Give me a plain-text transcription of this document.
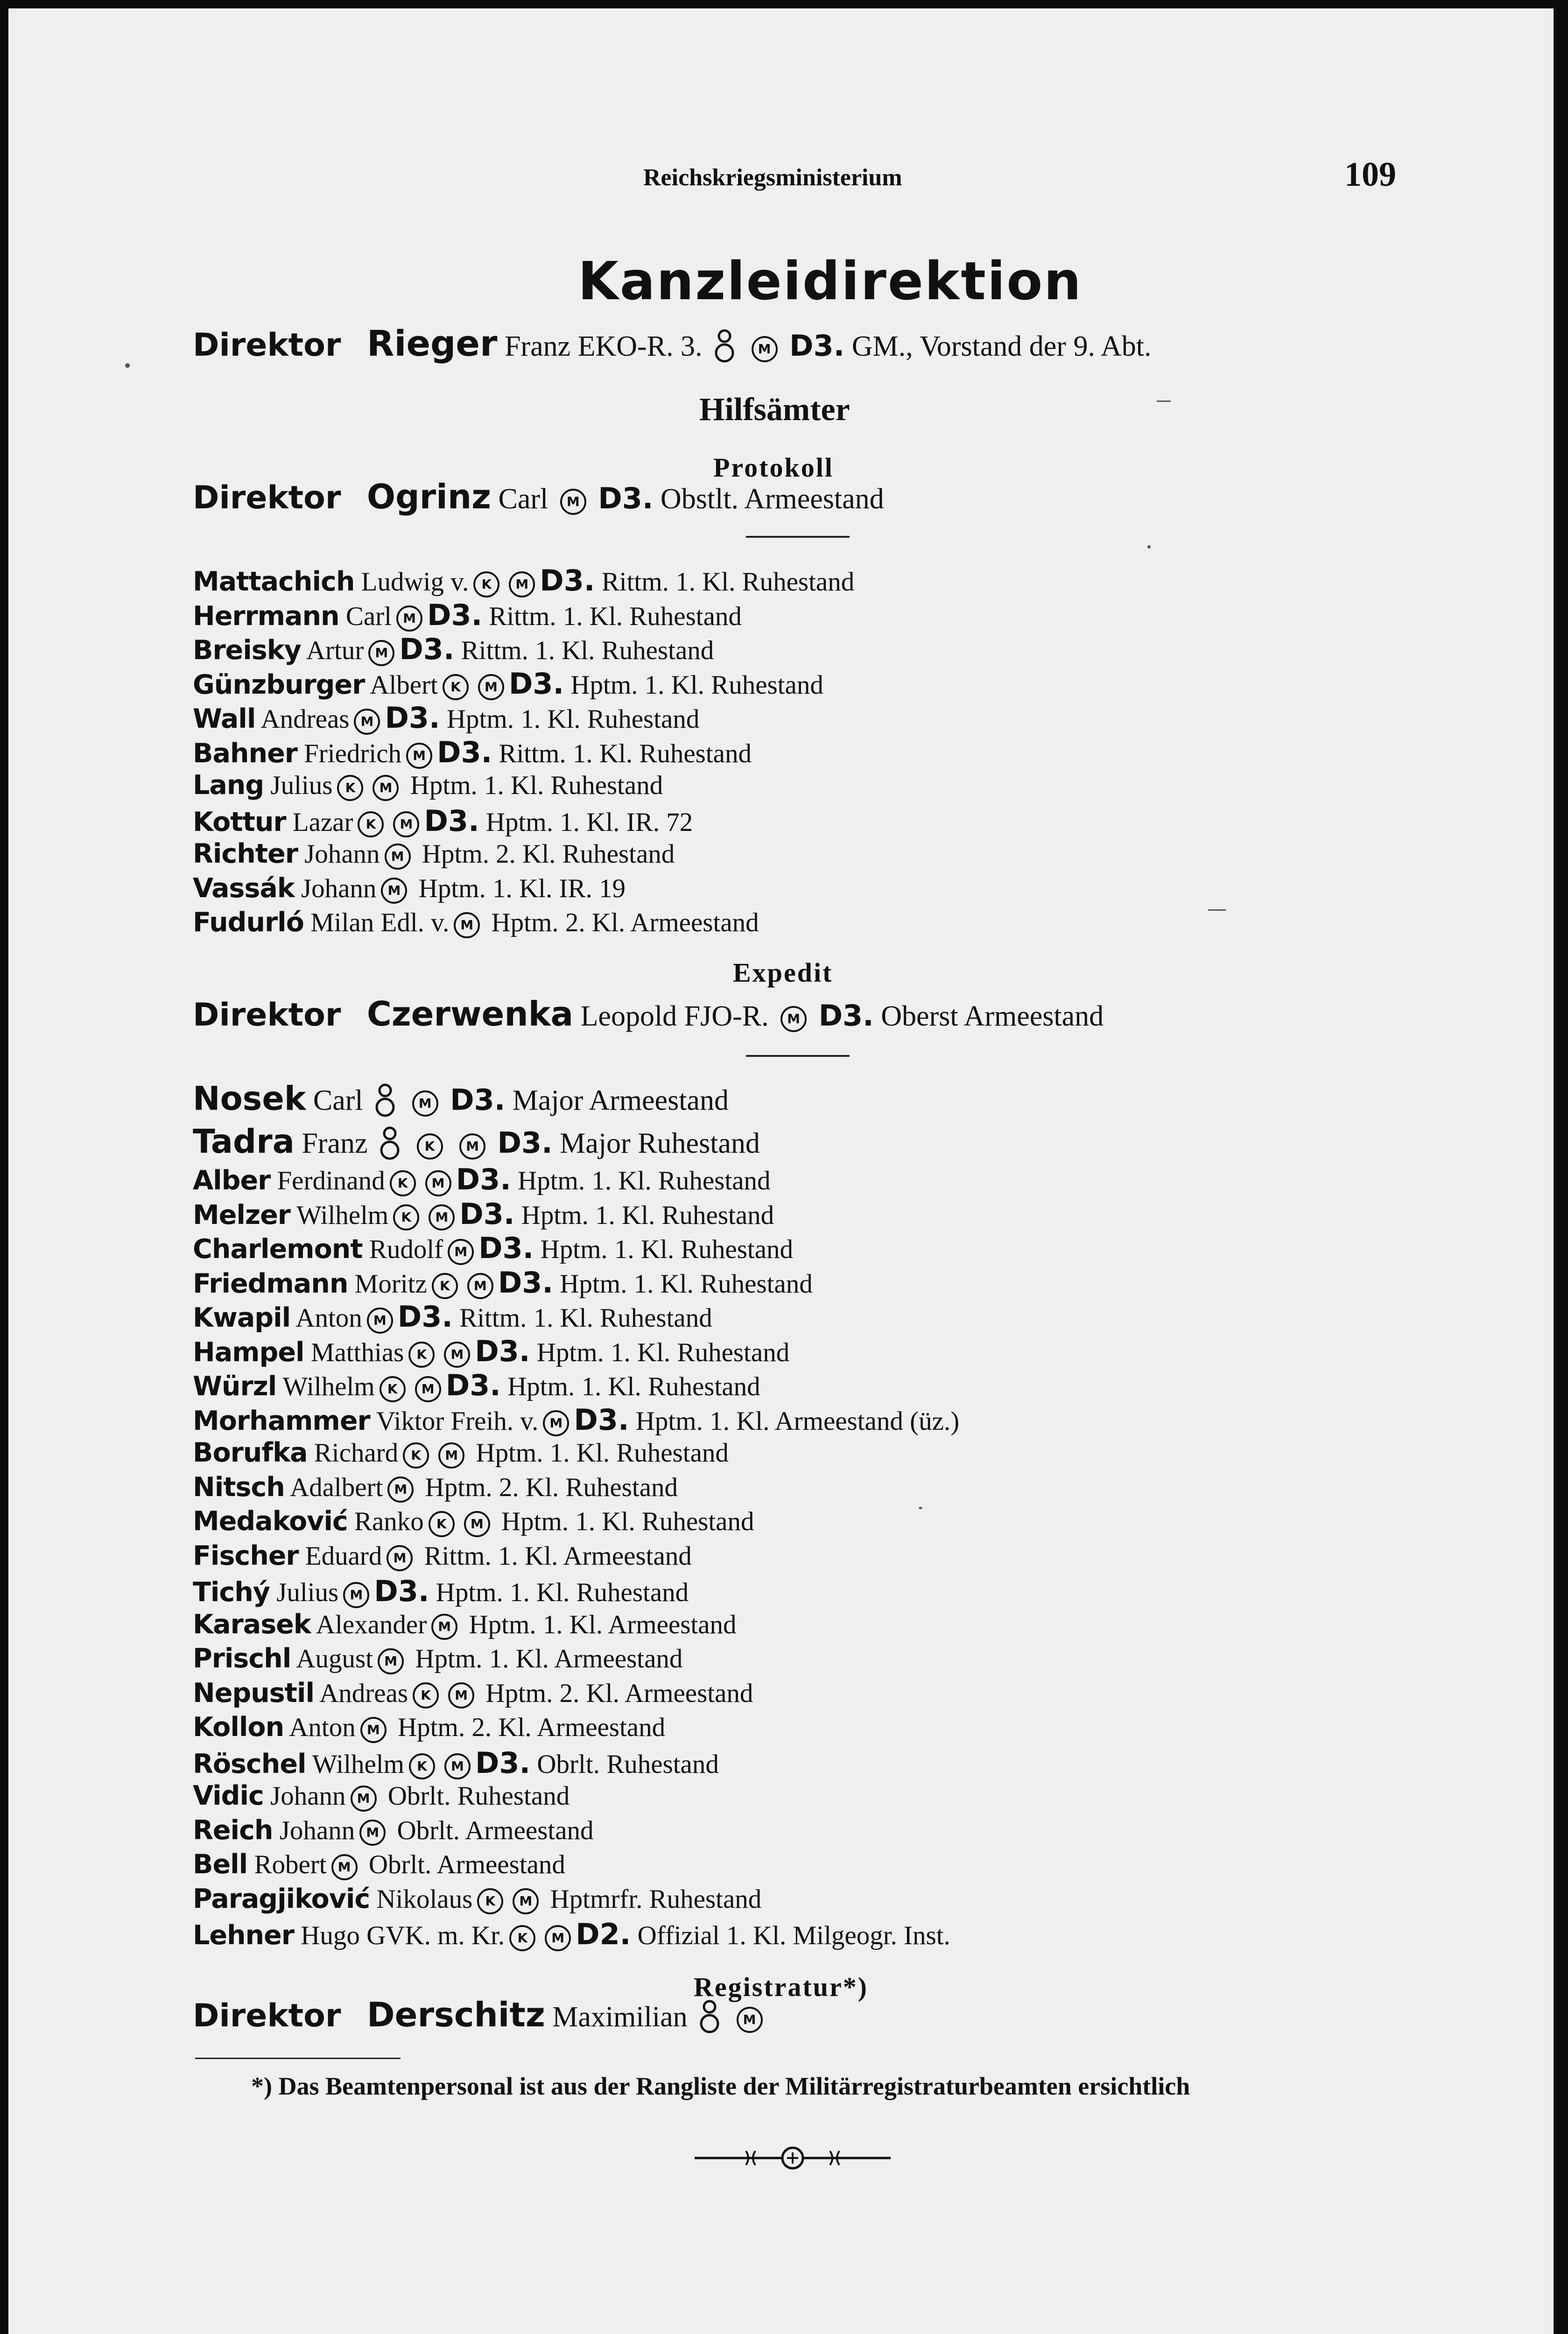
Reichskriegsministerium	109
Kanzleidirektion
Direktor Rieger Franz EKO-R. 3.	M D3. GM., Vorstand der 9. Abt.
Hilfsämter
Protokoll
Direktor Ogrinz Carl M D3. Obstlt. Armeestand
Mattachich Ludwig v. K M D3. Rittm. 1. Kl. Ruhestand
Herrmann Carl M D3. Rittm. 1. Kl. Ruhestand
Breisky Artur M D3. Rittm. 1. Kl. Ruhestand
Günzburger Albert K M D3. Hptm. 1. Kl. Ruhestand
Wall Andreas M D3. Hptm. 1. Kl. Ruhestand
Bahner Friedrich M D3. Rittm. 1. Kl. Ruhestand
Lang Julius K M Hptm. 1. Kl. Ruhestand
Kottur Lazar K M D3. Hptm. 1. Kl. IR. 72
Richter Johann M Hptm. 2. Kl. Ruhestand
Vassák Johann M Hptm. 1. Kl. IR. 19
Fudurló Milan Edl. v. M Hptm. 2. Kl. Armeestand
Expedit
Direktor Czerwenka Leopold FJO-R. M D3. Oberst Armeestand
Nosek Carl	M D3. Major Armeestand
Tadra Franz	K M D3. Major Ruhestand
Alber Ferdinand K M D3. Hptm. 1. Kl. Ruhestand
Melzer Wilhelm K M D3. Hptm. 1. Kl. Ruhestand
Charlemont Rudolf M D3. Hptm. 1. Kl. Ruhestand
Friedmann Moritz K M D3. Hptm. 1. Kl. Ruhestand
Kwapil Anton M D3. Rittm. 1. Kl. Ruhestand
Hampel Matthias K M D3. Hptm. 1. Kl. Ruhestand
Würzl Wilhelm K M D3. Hptm. 1. Kl. Ruhestand
Morhammer Viktor Freih. v. M D3. Hptm. 1. Kl. Armeestand (üz.)
Borufka Richard K M Hptm. 1. Kl. Ruhestand
Nitsch Adalbert M Hptm. 2. Kl. Ruhestand
Medaković Ranko K M Hptm. 1. Kl. Ruhestand
Fischer Eduard M Rittm. 1. Kl. Armeestand
Tichý Julius M D3. Hptm. 1. Kl. Ruhestand
Karasek Alexander M Hptm. 1. Kl. Armeestand
Prischl August M Hptm. 1. Kl. Armeestand
Nepustil Andreas K M Hptm. 2. Kl. Armeestand
Kollon Anton M Hptm. 2. Kl. Armeestand
Röschel Wilhelm K M D3. Obrlt. Ruhestand
Vidic Johann M Obrlt. Ruhestand
Reich Johann M Obrlt. Armeestand
Bell Robert M Obrlt. Armeestand
Paragjiković Nikolaus K M Hptmrfr. Ruhestand
Lehner Hugo GVK. m. Kr. K M D2. Offizial 1. Kl. Milgeogr. Inst.
Registratur*)
Direktor Derschitz Maximilian	M
*) Das Beamtenpersonal ist aus der Rangliste der Militärregistraturbeamten ersichtlich
